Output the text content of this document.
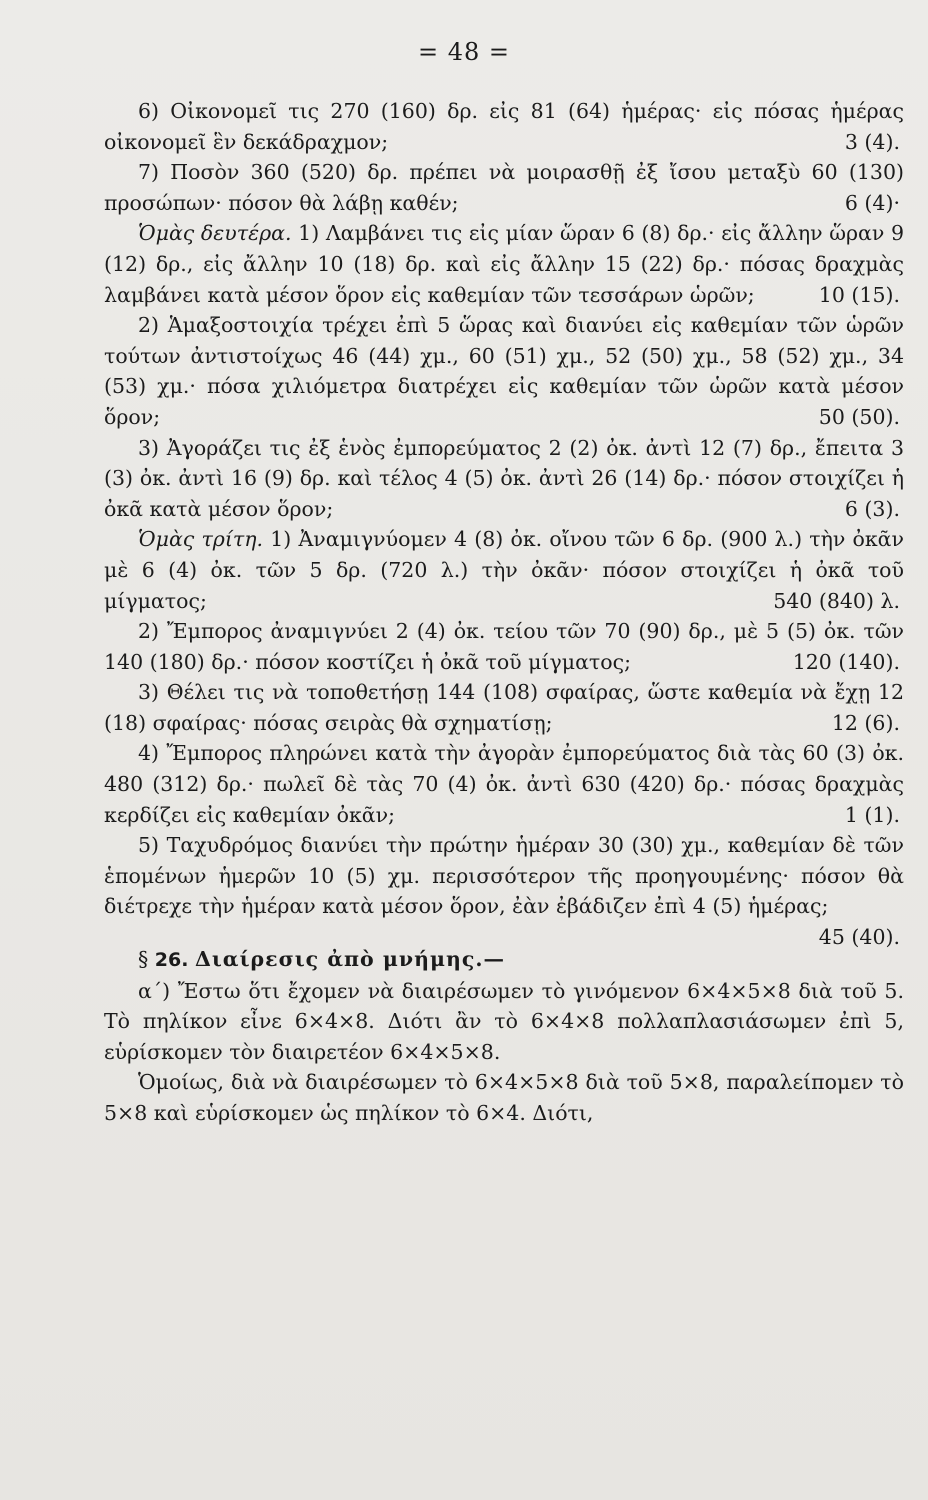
= 48 =

6) Οἰκονομεῖ τις 270 (160) δρ. εἰς 81 (64) ἡμέρας· εἰς πόσας ἡμέρας οἰκονομεῖ ἓν δεκάδραχμον;	3 (4).

7) Ποσὸν 360 (520) δρ. πρέπει νὰ μοιρασθῇ ἐξ ἴσου μεταξὺ 60 (130) προσώπων· πόσον θὰ λάβῃ καθέν;	6 (4)·

Ὁμὰς δευτέρα. 1) Λαμβάνει τις εἰς μίαν ὥραν 6 (8) δρ.· εἰς ἄλλην ὥραν 9 (12) δρ., εἰς ἄλλην 10 (18) δρ. καὶ εἰς ἄλλην 15 (22) δρ.· πόσας δραχμὰς λαμβάνει κατὰ μέσον ὅρον εἰς καθεμίαν τῶν τεσσάρων ὡρῶν;	10 (15).

2) Ἁμαξοστοιχία τρέχει ἐπὶ 5 ὥρας καὶ διανύει εἰς καθεμίαν τῶν ὡρῶν τούτων ἀντιστοίχως 46 (44) χμ., 60 (51) χμ., 52 (50) χμ., 58 (52) χμ., 34 (53) χμ.· πόσα χιλιόμετρα διατρέχει εἰς καθεμίαν τῶν ὡρῶν κατὰ μέσον ὅρον;	50 (50).

3) Ἀγοράζει τις ἐξ ἑνὸς ἐμπορεύματος 2 (2) ὀκ. ἀντὶ 12 (7) δρ., ἔπειτα 3 (3) ὀκ. ἀντὶ 16 (9) δρ. καὶ τέλος 4 (5) ὀκ. ἀντὶ 26 (14) δρ.· πόσον στοιχίζει ἡ ὀκᾶ κατὰ μέσον ὅρον;	6 (3).

Ὁμὰς τρίτη. 1) Ἀναμιγνύομεν 4 (8) ὀκ. οἴνου τῶν 6 δρ. (900 λ.) τὴν ὀκᾶν μὲ 6 (4) ὀκ. τῶν 5 δρ. (720 λ.) τὴν ὀκᾶν· πόσον στοιχίζει ἡ ὀκᾶ τοῦ μίγματος;	540 (840) λ.

2) Ἔμπορος ἀναμιγνύει 2 (4) ὀκ. τείου τῶν 70 (90) δρ., μὲ 5 (5) ὀκ. τῶν 140 (180) δρ.· πόσον κοστίζει ἡ ὀκᾶ τοῦ μίγματος;	120 (140).

3) Θέλει τις νὰ τοποθετήσῃ 144 (108) σφαίρας, ὥστε καθεμία νὰ ἔχῃ 12 (18) σφαίρας· πόσας σειρὰς θὰ σχηματίσῃ;	12 (6).

4) Ἔμπορος πληρώνει κατὰ τὴν ἀγορὰν ἐμπορεύματος διὰ τὰς 60 (3) ὀκ. 480 (312) δρ.· πωλεῖ δὲ τὰς 70 (4) ὀκ. ἀντὶ 630 (420) δρ.· πόσας δραχμὰς κερδίζει εἰς καθεμίαν ὀκᾶν;	1 (1).

5) Ταχυδρόμος διανύει τὴν πρώτην ἡμέραν 30 (30) χμ., καθεμίαν δὲ τῶν ἑπομένων ἡμερῶν 10 (5) χμ. περισσότερον τῆς προηγουμένης· πόσον θὰ διέτρεχε τὴν ἡμέραν κατὰ μέσον ὅρον, ἐὰν ἐβάδιζεν ἐπὶ 4 (5) ἡμέρας;
45 (40).

§ 26. Διαίρεσις ἀπὸ μνήμης.—

α΄) Ἔστω ὅτι ἔχομεν νὰ διαιρέσωμεν τὸ γινόμενον 6×4×5×8 διὰ τοῦ 5. Τὸ πηλίκον εἶνε 6×4×8. Διότι ἂν τὸ 6×4×8 πολλαπλασιάσωμεν ἐπὶ 5, εὑρίσκομεν τὸν διαιρετέον 6×4×5×8.

Ὁμοίως, διὰ νὰ διαιρέσωμεν τὸ 6×4×5×8 διὰ τοῦ 5×8, παραλείπομεν τὸ 5×8 καὶ εὑρίσκομεν ὡς πηλίκον τὸ 6×4. Διότι,
